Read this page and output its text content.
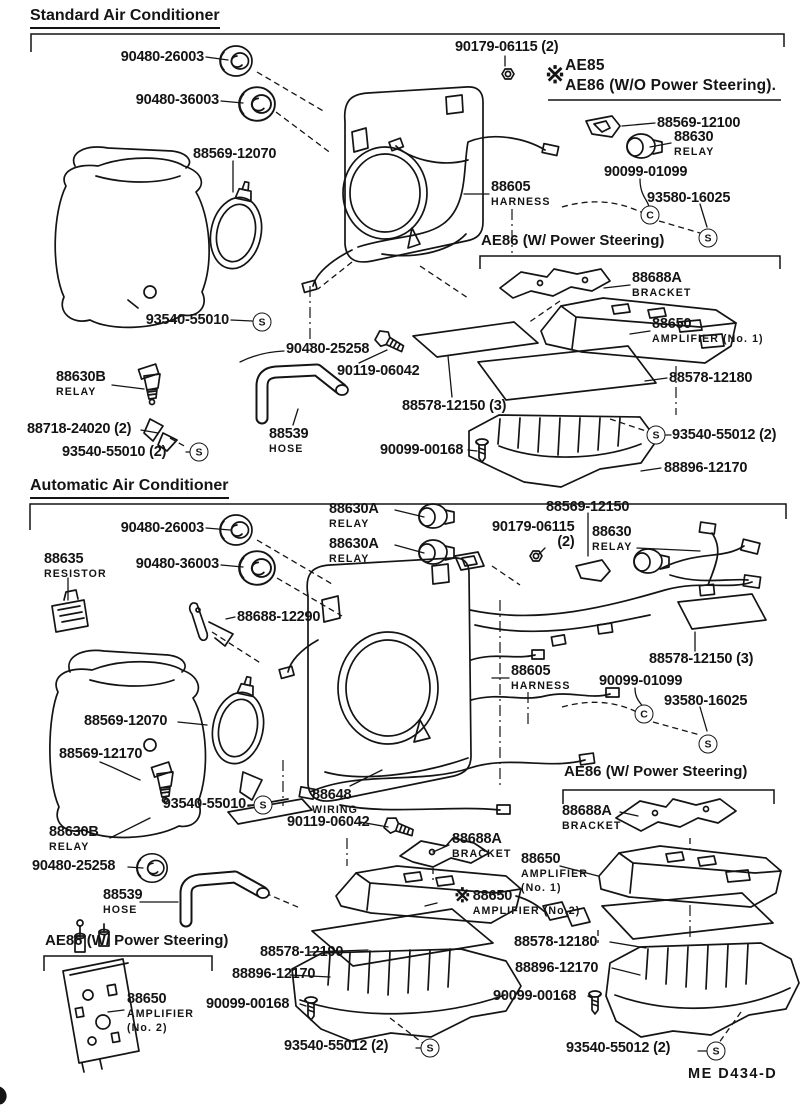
※ AE85
AE86 (W/O Power Steering).
ME D434-D
Standard Air Conditioner
Automatic Air Conditioner
AE86 (W/ Power Steering)
AE86 (W/ Power Steering)
AE86 (W/ Power Steering)
90480-26003
90179-06115 (2)
88569-12100
88630
RELAY
90480-36003
88569-12070
90099-01099
88605
HARNESS	93580-16025
88688A
BRACKET
88650
AMPLIFIER (No. 1)
93540-55010
90480-25258
90119-06042	88578-12180
88630B
RELAY
88578-12150 (3)
88718-24020 (2)
93540-55010 (2)
88539
HOSE	90099-00168
93540-55012 (2)
88896-12170
90480-26003
88630A
RELAY
88569-12150
90179-06115
(2)
88630
RELAY
88630A
RELAY
88635
RESISTOR
90480-36003
88688-12290
88578-12150 (3)
88605
HARNESS 90099-01099
93580-16025
88569-12070
88569-12170
93540-55010
88648
WIRING
90119-06042
88688A
BRACKET
88630B
RELAY
90480-25258
88688A
BRACKET 88650
AMPLIFIER
(No. 1)
88539
HOSE
※ 88650
AMPLIFIER (No.2)
88578-12190
88896-12170
88578-12180
88896-12170
88650
AMPLIFIER
(No. 2)
90099-00168	90099-00168
93540-55012 (2)	93540-55012 (2)
S
S
S
S
S
S
S	S
C
C
